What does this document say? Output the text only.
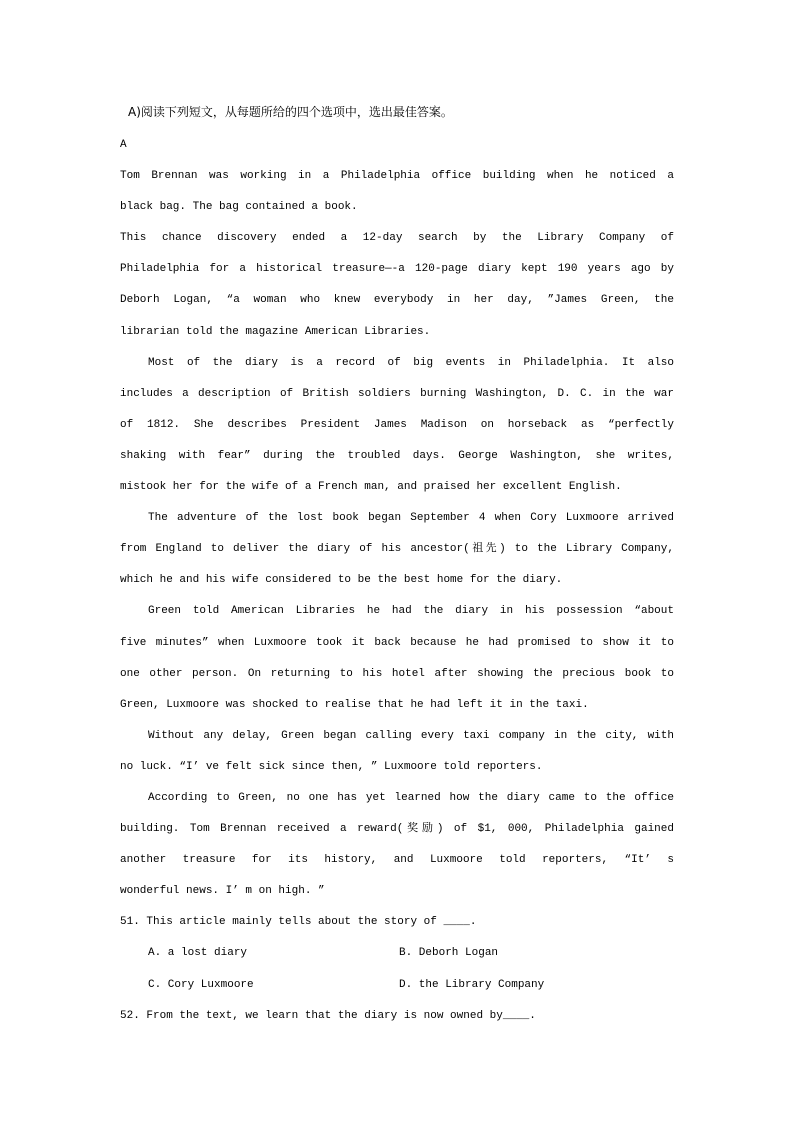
A)阅读下列短文，从每题所给的四个选项中，选出最佳答案。
A
Tom Brennan was working in a Philadelphia office building when he noticed a
black bag. The bag contained a book.
This chance discovery ended a 12-day search by the Library Company of
Philadelphia for a historical treasure—-a 120-page diary kept 190 years ago by
Deborh Logan, “a woman who knew everybody in her day, ”James Green, the
librarian told the magazine American Libraries.
Most of the diary is a record of big events in Philadelphia. It also
includes a description of British soldiers burning Washington, D. C. in the war
of 1812. She describes President James Madison on horseback as “perfectly
shaking with fear” during the troubled days. George Washington, she writes,
mistook her for the wife of a French man, and praised her excellent English.
The adventure of the lost book began September 4 when Cory Luxmoore arrived
from England to deliver the diary of his ancestor(祖先) to the Library Company,
which he and his wife considered to be the best home for the diary.
Green told American Libraries he had the diary in his possession “about
five minutes” when Luxmoore took it back because he had promised to show it to
one other person. On returning to his hotel after showing the precious book to
Green, Luxmoore was shocked to realise that he had left it in the taxi.
Without any delay, Green began calling every taxi company in the city, with
no luck. “I’ ve felt sick since then, ” Luxmoore told reporters.
According to Green, no one has yet learned how the diary came to the office
building. Tom Brennan received a reward(奖励) of $1, 000, Philadelphia gained
another treasure for its history, and Luxmoore told reporters, “It’ s
wonderful news. I’ m on high. ”
51. This article mainly tells about the story of ____.
A. a lost diary	B. Deborh Logan
C. Cory Luxmoore	D. the Library Company
52. From the text, we learn that the diary is now owned by____.
